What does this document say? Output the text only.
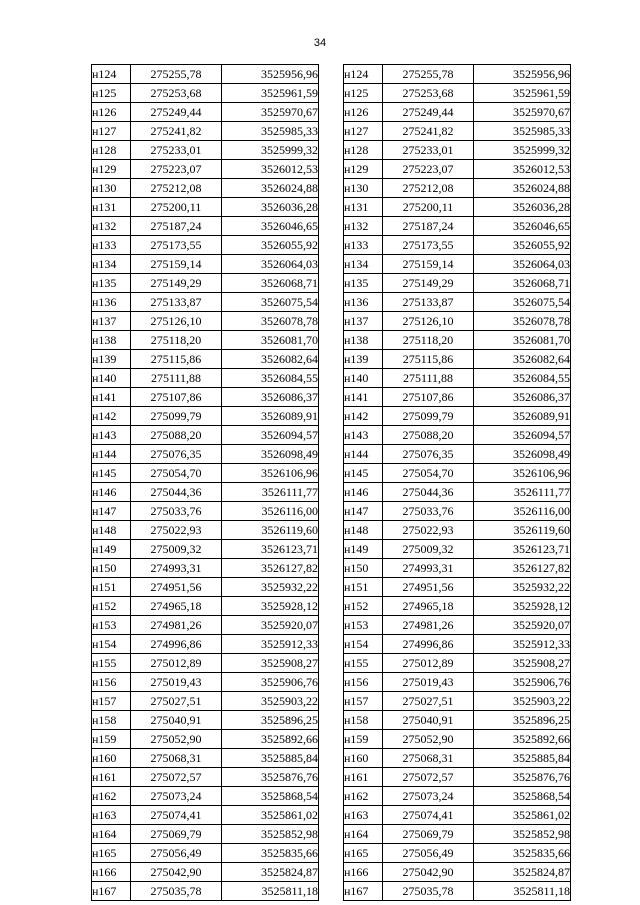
34
н124	275255,78	3525956,96
н125	275253,68	3525961,59
н126	275249,44	3525970,67
н127	275241,82	3525985,33
н128	275233,01	3525999,32
н129	275223,07	3526012,53
н130	275212,08	3526024,88
н131	275200,11	3526036,28
н132	275187,24	3526046,65
н133	275173,55	3526055,92
н134	275159,14	3526064,03
н135	275149,29	3526068,71
н136	275133,87	3526075,54
н137	275126,10	3526078,78
н138	275118,20	3526081,70
н139	275115,86	3526082,64
н140	275111,88	3526084,55
н141	275107,86	3526086,37
н142	275099,79	3526089,91
н143	275088,20	3526094,57
н144	275076,35	3526098,49
н145	275054,70	3526106,96
н146	275044,36	3526111,77
н147	275033,76	3526116,00
н148	275022,93	3526119,60
н149	275009,32	3526123,71
н150	274993,31	3526127,82
н151	274951,56	3525932,22
н152	274965,18	3525928,12
н153	274981,26	3525920,07
н154	274996,86	3525912,33
н155	275012,89	3525908,27
н156	275019,43	3525906,76
н157	275027,51	3525903,22
н158	275040,91	3525896,25
н159	275052,90	3525892,66
н160	275068,31	3525885,84
н161	275072,57	3525876,76
н162	275073,24	3525868,54
н163	275074,41	3525861,02
н164	275069,79	3525852,98
н165	275056,49	3525835,66
н166	275042,90	3525824,87
н167	275035,78	3525811,18
н124	275255,78	3525956,96
н125	275253,68	3525961,59
н126	275249,44	3525970,67
н127	275241,82	3525985,33
н128	275233,01	3525999,32
н129	275223,07	3526012,53
н130	275212,08	3526024,88
н131	275200,11	3526036,28
н132	275187,24	3526046,65
н133	275173,55	3526055,92
н134	275159,14	3526064,03
н135	275149,29	3526068,71
н136	275133,87	3526075,54
н137	275126,10	3526078,78
н138	275118,20	3526081,70
н139	275115,86	3526082,64
н140	275111,88	3526084,55
н141	275107,86	3526086,37
н142	275099,79	3526089,91
н143	275088,20	3526094,57
н144	275076,35	3526098,49
н145	275054,70	3526106,96
н146	275044,36	3526111,77
н147	275033,76	3526116,00
н148	275022,93	3526119,60
н149	275009,32	3526123,71
н150	274993,31	3526127,82
н151	274951,56	3525932,22
н152	274965,18	3525928,12
н153	274981,26	3525920,07
н154	274996,86	3525912,33
н155	275012,89	3525908,27
н156	275019,43	3525906,76
н157	275027,51	3525903,22
н158	275040,91	3525896,25
н159	275052,90	3525892,66
н160	275068,31	3525885,84
н161	275072,57	3525876,76
н162	275073,24	3525868,54
н163	275074,41	3525861,02
н164	275069,79	3525852,98
н165	275056,49	3525835,66
н166	275042,90	3525824,87
н167	275035,78	3525811,18
